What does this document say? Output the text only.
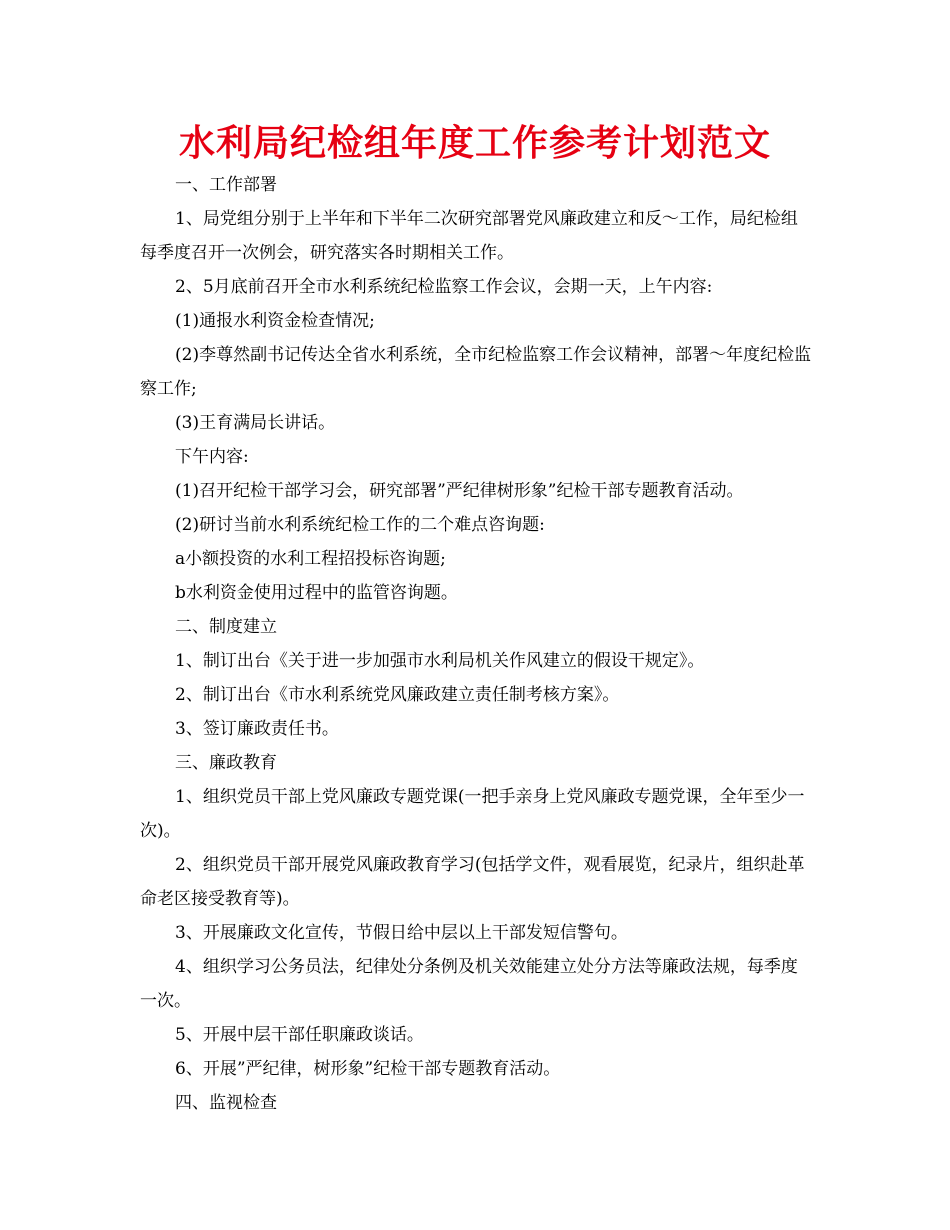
水利局纪检组年度工作参考计划范文

一、工作部署

1、局党组分别于上半年和下半年二次研究部署党风廉政建立和反～工作，局纪检组每季度召开一次例会，研究落实各时期相关工作。

2、5月底前召开全市水利系统纪检监察工作会议，会期一天，上午内容:

(1)通报水利资金检查情况;

(2)李尊然副书记传达全省水利系统，全市纪检监察工作会议精神，部署～年度纪检监察工作;

(3)王育满局长讲话。

下午内容:

(1)召开纪检干部学习会，研究部署”严纪律树形象”纪检干部专题教育活动。

(2)研讨当前水利系统纪检工作的二个难点咨询题:

a小额投资的水利工程招投标咨询题;

b水利资金使用过程中的监管咨询题。

二、制度建立

1、制订出台《关于进一步加强市水利局机关作风建立的假设干规定》。

2、制订出台《市水利系统党风廉政建立责任制考核方案》。

3、签订廉政责任书。

三、廉政教育

1、组织党员干部上党风廉政专题党课(一把手亲身上党风廉政专题党课，全年至少一次)。

2、组织党员干部开展党风廉政教育学习(包括学文件，观看展览，纪录片，组织赴革命老区接受教育等)。

3、开展廉政文化宣传，节假日给中层以上干部发短信警句。

4、组织学习公务员法，纪律处分条例及机关效能建立处分方法等廉政法规，每季度一次。

5、开展中层干部任职廉政谈话。

6、开展”严纪律，树形象”纪检干部专题教育活动。

四、监视检查
